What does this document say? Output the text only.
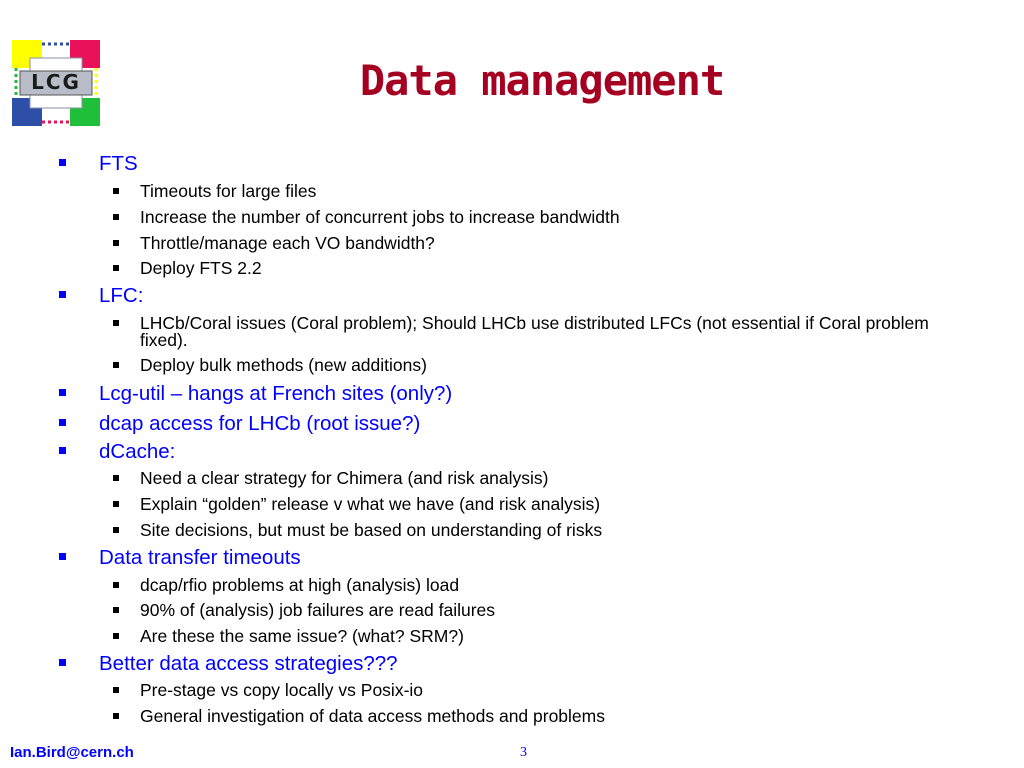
LCG	Data management
FTS
Timeouts for large files
Increase the number of concurrent jobs to increase bandwidth
Throttle/manage each VO bandwidth?
Deploy FTS 2.2
LFC:
LHCb/Coral issues (Coral problem); Should LHCb use distributed LFCs (not essential if Coral problem fixed).
Deploy bulk methods (new additions)
Lcg-util – hangs at French sites (only?)
dcap access for LHCb (root issue?)
dCache:
Need a clear strategy for Chimera (and risk analysis)
Explain “golden” release v what we have (and risk analysis)
Site decisions, but must be based on understanding of risks
Data transfer timeouts
dcap/rfio problems at high (analysis) load
90% of (analysis) job failures are read failures
Are these the same issue? (what? SRM?)
Better data access strategies???
Pre-stage vs copy locally vs Posix-io
General investigation of data access methods and problems
Ian.Bird@cern.ch	3
